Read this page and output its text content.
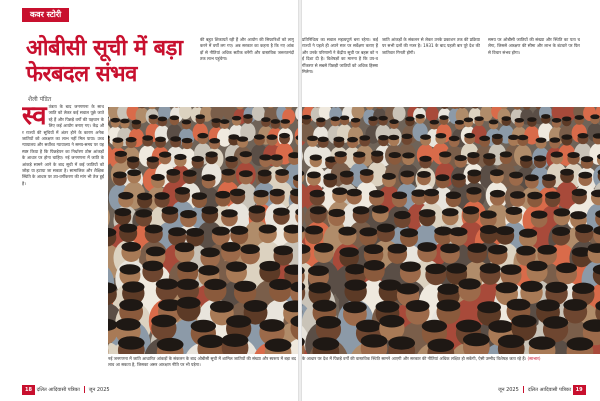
कवर स्टोरी
ओबीसी सूची में बड़ा
फेरबदल संभव
शैली पंडित
स्व तंत्रता के बाद जनगणना के साथ जाति को लेकर कई सवाल पूछे जाते रहे हैं और पिछड़े वर्गों की पहचान के लिए कई आयोग बनाए गए। केंद्र और राज्यों की सूचियों में अंतर होने के कारण अनेक जातियों को आरक्षण का लाभ नहीं मिल पाया। उच्च न्यायालय और सर्वोच्च न्यायालय ने समय-समय पर यह स्पष्ट किया है कि पिछड़ेपन का निर्धारण ठोस आंकड़ों के आधार पर होना चाहिए। नई जनगणना में जाति के आंकड़े सामने आने के बाद सूची में कई जातियों को जोड़ा या हटाया जा सकता है। सामाजिक और शैक्षिक स्थिति के आधार पर उप-वर्गीकरण की मांग भी तेज हुई है।
की बहुत शिकायतें रही हैं और आयोग की सिफारिशों को लागू करने में वर्षों लग गए। अब सरकार का कहना है कि नए आंकड़ों से नीतियां अधिक सटीक बनेंगी और वास्तविक जरूरतमंदों तक लाभ पहुंचेगा।
नई जनगणना में जाति आधारित आंकड़ों के संकलन के बाद ओबीसी सूची में शामिल जातियों की संख्या और स्वरूप में बड़ा बदलाव आ सकता है, जिसका असर आरक्षण नीति पर भी पड़ेगा।
18 दलित आदिवासी पत्रिका जून 2025
प्रतिनिधित्व का सवाल महत्वपूर्ण बना रहेगा। कई राज्यों ने पहले ही अपने स्तर पर सर्वेक्षण कराए हैं और उनके परिणामों ने केंद्रीय सूची पर बहस को नई दिशा दी है। विशेषज्ञों का मानना है कि उप-वर्गीकरण से सबसे पिछड़ी जातियों को अधिक हिस्सा मिलेगा।
जाति आंकड़ों के संकलन से लेकर उनके प्रकाशन तक की प्रक्रिया पर सभी दलों की नजर है। 1931 के बाद पहली बार पूरे देश की जातिवार गिनती होगी।
समय पर ओबीसी जातियों की संख्या और स्थिति का पता चलेगा, जिससे आरक्षण की सीमा और लाभ के बंटवारे पर फिर से विचार संभव होगा।
के आधार पर देश में पिछड़े वर्गों की वास्तविक स्थिति सामने आएगी और सरकार की नीतियां अधिक लक्षित हो सकेंगी, ऐसी उम्मीद विशेषज्ञ जता रहे हैं। (साभार)
जून 2025 दलित आदिवासी पत्रिका 19
